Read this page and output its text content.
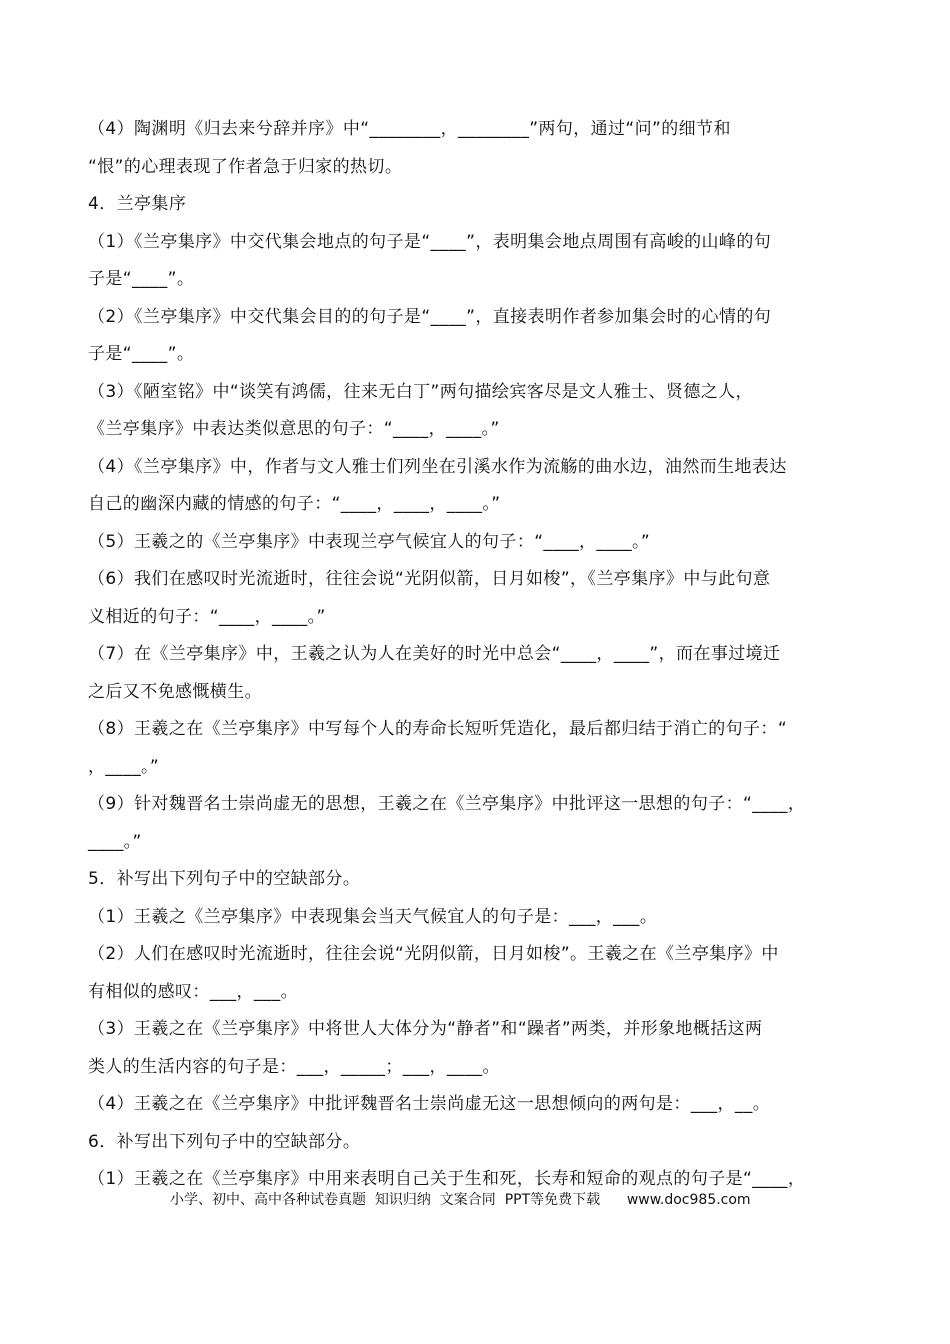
（4）陶渊明《归去来兮辞并序》中“________，________”两句，通过“问”的细节和
“恨”的心理表现了作者急于归家的热切。
4．兰亭集序
（1）《兰亭集序》中交代集会地点的句子是“____”，表明集会地点周围有高峻的山峰的句
子是“____”。
（2）《兰亭集序》中交代集会目的的句子是“____”，直接表明作者参加集会时的心情的句
子是“____”。
（3）《陋室铭》中“谈笑有鸿儒，往来无白丁”两句描绘宾客尽是文人雅士、贤德之人，
《兰亭集序》中表达类似意思的句子：“____，____。”
（4）《兰亭集序》中，作者与文人雅士们列坐在引溪水作为流觞的曲水边，油然而生地表达
自己的幽深内藏的情感的句子：“____，____，____。”
（5）王羲之的《兰亭集序》中表现兰亭气候宜人的句子：“____，____。”
（6）我们在感叹时光流逝时，往往会说“光阴似箭，日月如梭”，《兰亭集序》中与此句意
义相近的句子：“____，____。”
（7）在《兰亭集序》中，王羲之认为人在美好的时光中总会“____，____”，而在事过境迁
之后又不免感慨横生。
（8）王羲之在《兰亭集序》中写每个人的寿命长短听凭造化，最后都归结于消亡的句子：“
，____。”
（9）针对魏晋名士崇尚虚无的思想，王羲之在《兰亭集序》中批评这一思想的句子：“____，
____。”
5．补写出下列句子中的空缺部分。
（1）王羲之《兰亭集序》中表现集会当天气候宜人的句子是：___，___。
（2）人们在感叹时光流逝时，往往会说“光阴似箭，日月如梭”。王羲之在《兰亭集序》中
有相似的感叹：___，___。
（3）王羲之在《兰亭集序》中将世人大体分为“静者”和“躁者”两类，并形象地概括这两
类人的生活内容的句子是：___，_____；___，____。
（4）王羲之在《兰亭集序》中批评魏晋名士崇尚虚无这一思想倾向的两句是：___，__。
6．补写出下列句子中的空缺部分。
（1）王羲之在《兰亭集序》中用来表明自己关于生和死，长寿和短命的观点的句子是“____，
小学、初中、高中各种试卷真题  知识归纳  文案合同  PPT等免费下载      www.doc985.com
